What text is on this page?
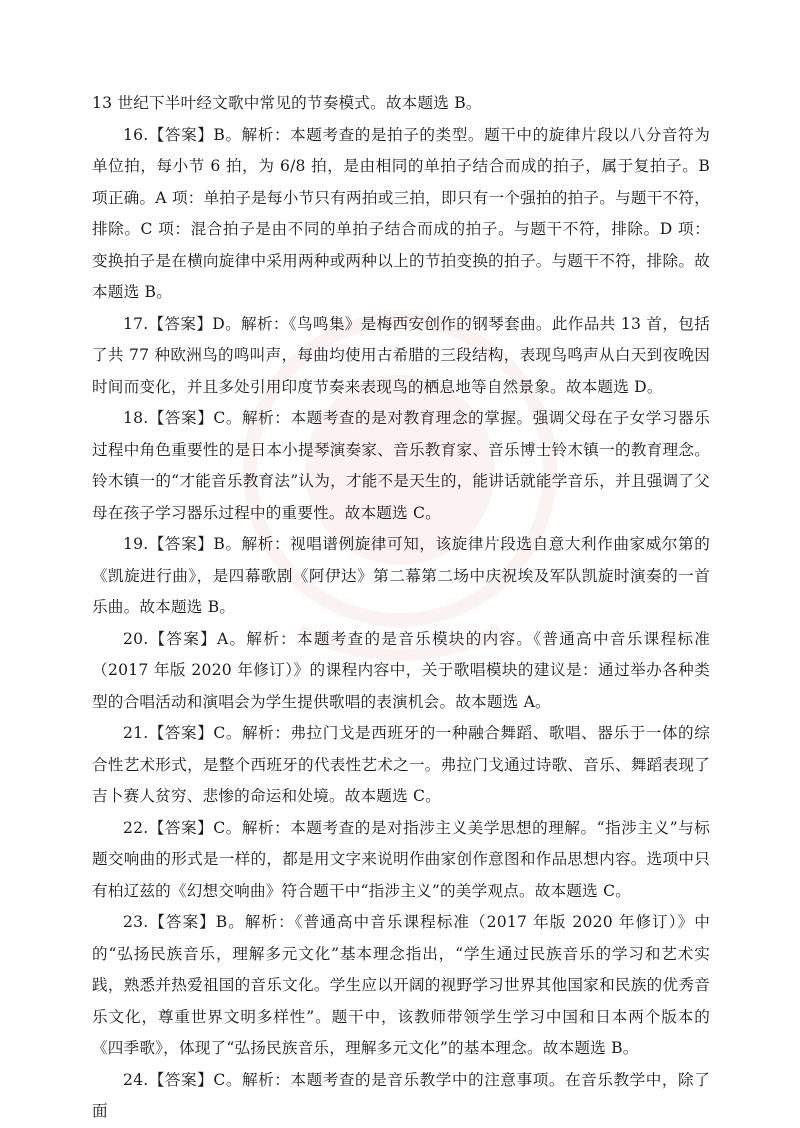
13 世纪下半叶经文歌中常见的节奏模式。故本题选 B。

16.【答案】B。解析：本题考查的是拍子的类型。题干中的旋律片段以八分音符为单位拍，每小节 6 拍，为 6/8 拍，是由相同的单拍子结合而成的拍子，属于复拍子。B 项正确。A 项：单拍子是每小节只有两拍或三拍，即只有一个强拍的拍子。与题干不符，排除。C 项：混合拍子是由不同的单拍子结合而成的拍子。与题干不符，排除。D 项：变换拍子是在横向旋律中采用两种或两种以上的节拍变换的拍子。与题干不符，排除。故本题选 B。

17.【答案】D。解析：《鸟鸣集》是梅西安创作的钢琴套曲。此作品共 13 首，包括了共 77 种欧洲鸟的鸣叫声，每曲均使用古希腊的三段结构，表现鸟鸣声从白天到夜晚因时间而变化，并且多处引用印度节奏来表现鸟的栖息地等自然景象。故本题选 D。

18.【答案】C。解析：本题考查的是对教育理念的掌握。强调父母在子女学习器乐过程中角色重要性的是日本小提琴演奏家、音乐教育家、音乐博士铃木镇一的教育理念。铃木镇一的“才能音乐教育法”认为，才能不是天生的，能讲话就能学音乐，并且强调了父母在孩子学习器乐过程中的重要性。故本题选 C。

19.【答案】B。解析：视唱谱例旋律可知，该旋律片段选自意大利作曲家威尔第的《凯旋进行曲》，是四幕歌剧《阿伊达》第二幕第二场中庆祝埃及军队凯旋时演奏的一首乐曲。故本题选 B。

20.【答案】A。解析：本题考查的是音乐模块的内容。《普通高中音乐课程标准（2017 年版 2020 年修订）》的课程内容中，关于歌唱模块的建议是：通过举办各种类型的合唱活动和演唱会为学生提供歌唱的表演机会。故本题选 A。

21.【答案】C。解析：弗拉门戈是西班牙的一种融合舞蹈、歌唱、器乐于一体的综合性艺术形式，是整个西班牙的代表性艺术之一。弗拉门戈通过诗歌、音乐、舞蹈表现了吉卜赛人贫穷、悲惨的命运和处境。故本题选 C。

22.【答案】C。解析：本题考查的是对指涉主义美学思想的理解。“指涉主义”与标题交响曲的形式是一样的，都是用文字来说明作曲家创作意图和作品思想内容。选项中只有柏辽兹的《幻想交响曲》符合题干中“指涉主义”的美学观点。故本题选 C。

23.【答案】B。解析：《普通高中音乐课程标准（2017 年版 2020 年修订）》中的“弘扬民族音乐，理解多元文化”基本理念指出，“学生通过民族音乐的学习和艺术实践，熟悉并热爱祖国的音乐文化。学生应以开阔的视野学习世界其他国家和民族的优秀音乐文化，尊重世界文明多样性”。题干中，该教师带领学生学习中国和日本两个版本的《四季歌》，体现了“弘扬民族音乐，理解多元文化”的基本理念。故本题选 B。

24.【答案】C。解析：本题考查的是音乐教学中的注意事项。在音乐教学中，除了面
